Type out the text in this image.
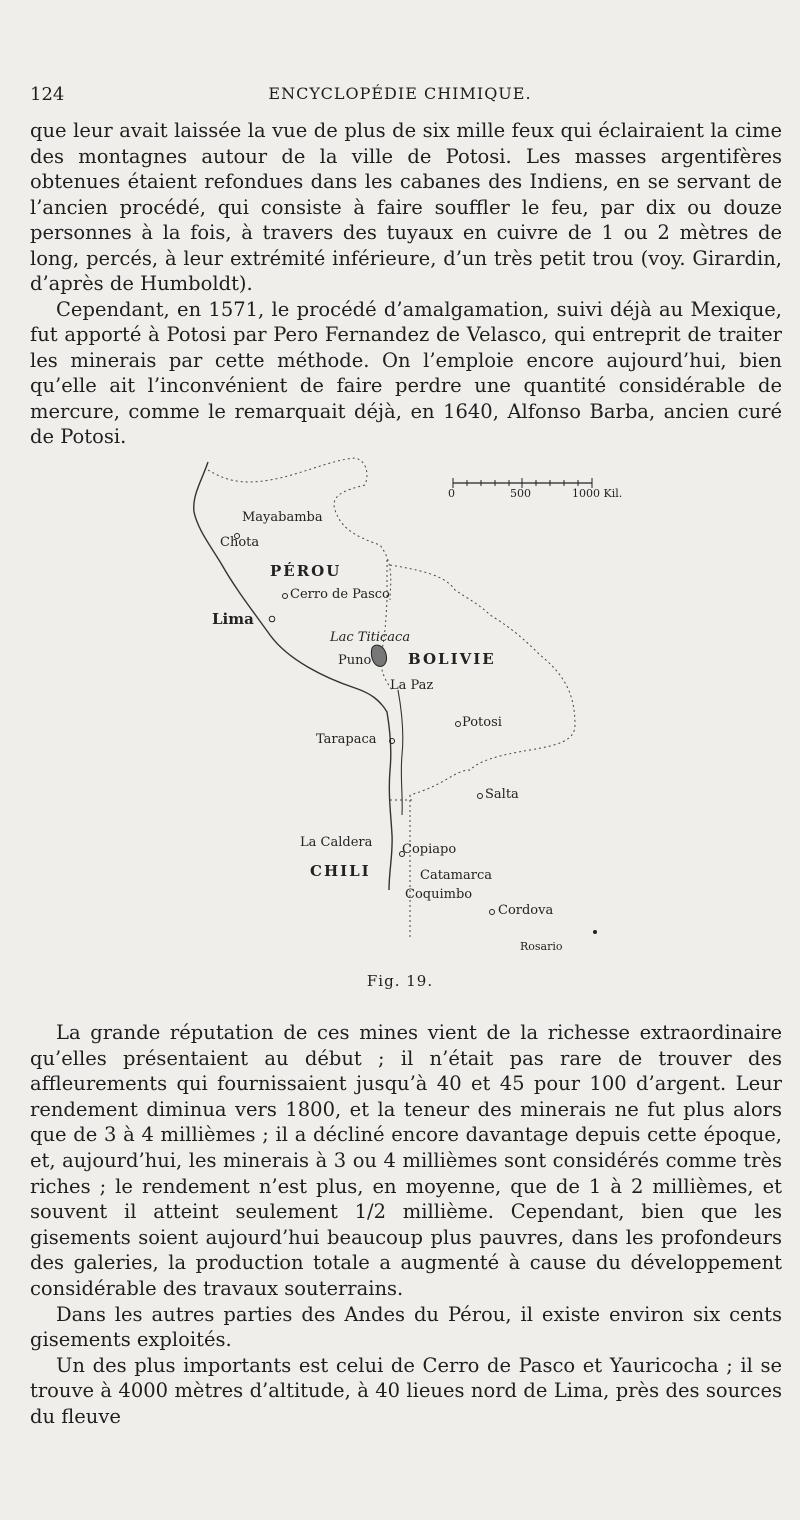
124	ENCYCLOPÉDIE CHIMIQUE.

que leur avait laissée la vue de plus de six mille feux qui éclairaient la cime des montagnes autour de la ville de Potosi. Les masses argentifères obtenues étaient refondues dans les cabanes des Indiens, en se servant de l’ancien procédé, qui consiste à faire souffler le feu, par dix ou douze personnes à la fois, à travers des tuyaux en cuivre de 1 ou 2 mètres de long, percés, à leur extrémité inférieure, d’un très petit trou (voy. Girardin, d’après de Humboldt).

Cependant, en 1571, le procédé d’amalgamation, suivi déjà au Mexique, fut apporté à Potosi par Pero Fernandez de Velasco, qui entreprit de traiter les minerais par cette méthode. On l’emploie encore aujourd’hui, bien qu’elle ait l’inconvénient de faire perdre une quantité considérable de mercure, comme le remarquait déjà, en 1640, Alfonso Barba, ancien curé de Potosi.

Mayabamba
Chota
PÉROU
Cerro de Pasco
Lima
Lac Titicaca
Puno BOLIVIE
La Paz
Potosi
Tarapaca
Salta
La Caldera Copiapo
CHILI	Catamarca
Coquimbo
Cordova
Rosario
0	500	1000 Kil.
Fig. 19.

La grande réputation de ces mines vient de la richesse extraordinaire qu’elles présentaient au début ; il n’était pas rare de trouver des affleurements qui fournissaient jusqu’à 40 et 45 pour 100 d’argent. Leur rendement diminua vers 1800, et la teneur des minerais ne fut plus alors que de 3 à 4 millièmes ; il a décliné encore davantage depuis cette époque, et, aujourd’hui, les minerais à 3 ou 4 millièmes sont considérés comme très riches ; le rendement n’est plus, en moyenne, que de 1 à 2 millièmes, et souvent il atteint seulement 1/2 millième. Cependant, bien que les gisements soient aujourd’hui beaucoup plus pauvres, dans les profondeurs des galeries, la production totale a augmenté à cause du développement considérable des travaux souterrains.

Dans les autres parties des Andes du Pérou, il existe environ six cents gisements exploités.

Un des plus importants est celui de Cerro de Pasco et Yauricocha ; il se trouve à 4000 mètres d’altitude, à 40 lieues nord de Lima, près des sources du fleuve
